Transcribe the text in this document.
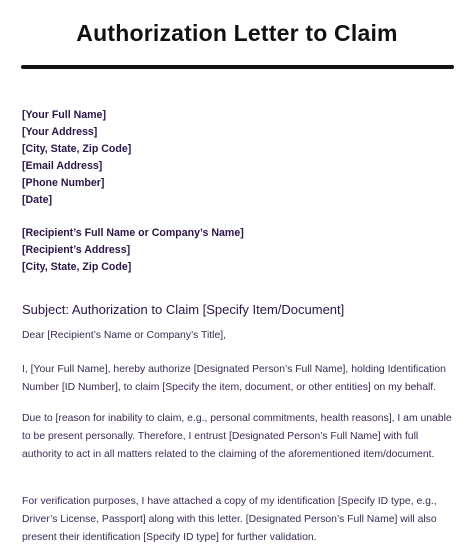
Authorization Letter to Claim
[Your Full Name]
[Your Address]
[City, State, Zip Code]
[Email Address]
[Phone Number]
[Date]
[Recipient’s Full Name or Company’s Name]
[Recipient’s Address]
[City, State, Zip Code]
Subject: Authorization to Claim [Specify Item/Document]
Dear [Recipient’s Name or Company’s Title],
I, [Your Full Name], hereby authorize [Designated Person’s Full Name], holding Identification Number [ID Number], to claim [Specify the item, document, or other entities] on my behalf.
Due to [reason for inability to claim, e.g., personal commitments, health reasons], I am unable to be present personally. Therefore, I entrust [Designated Person’s Full Name] with full authority to act in all matters related to the claiming of the aforementioned item/document.
For verification purposes, I have attached a copy of my identification [Specify ID type, e.g., Driver’s License, Passport] along with this letter. [Designated Person’s Full Name] will also present their identification [Specify ID type] for further validation.
